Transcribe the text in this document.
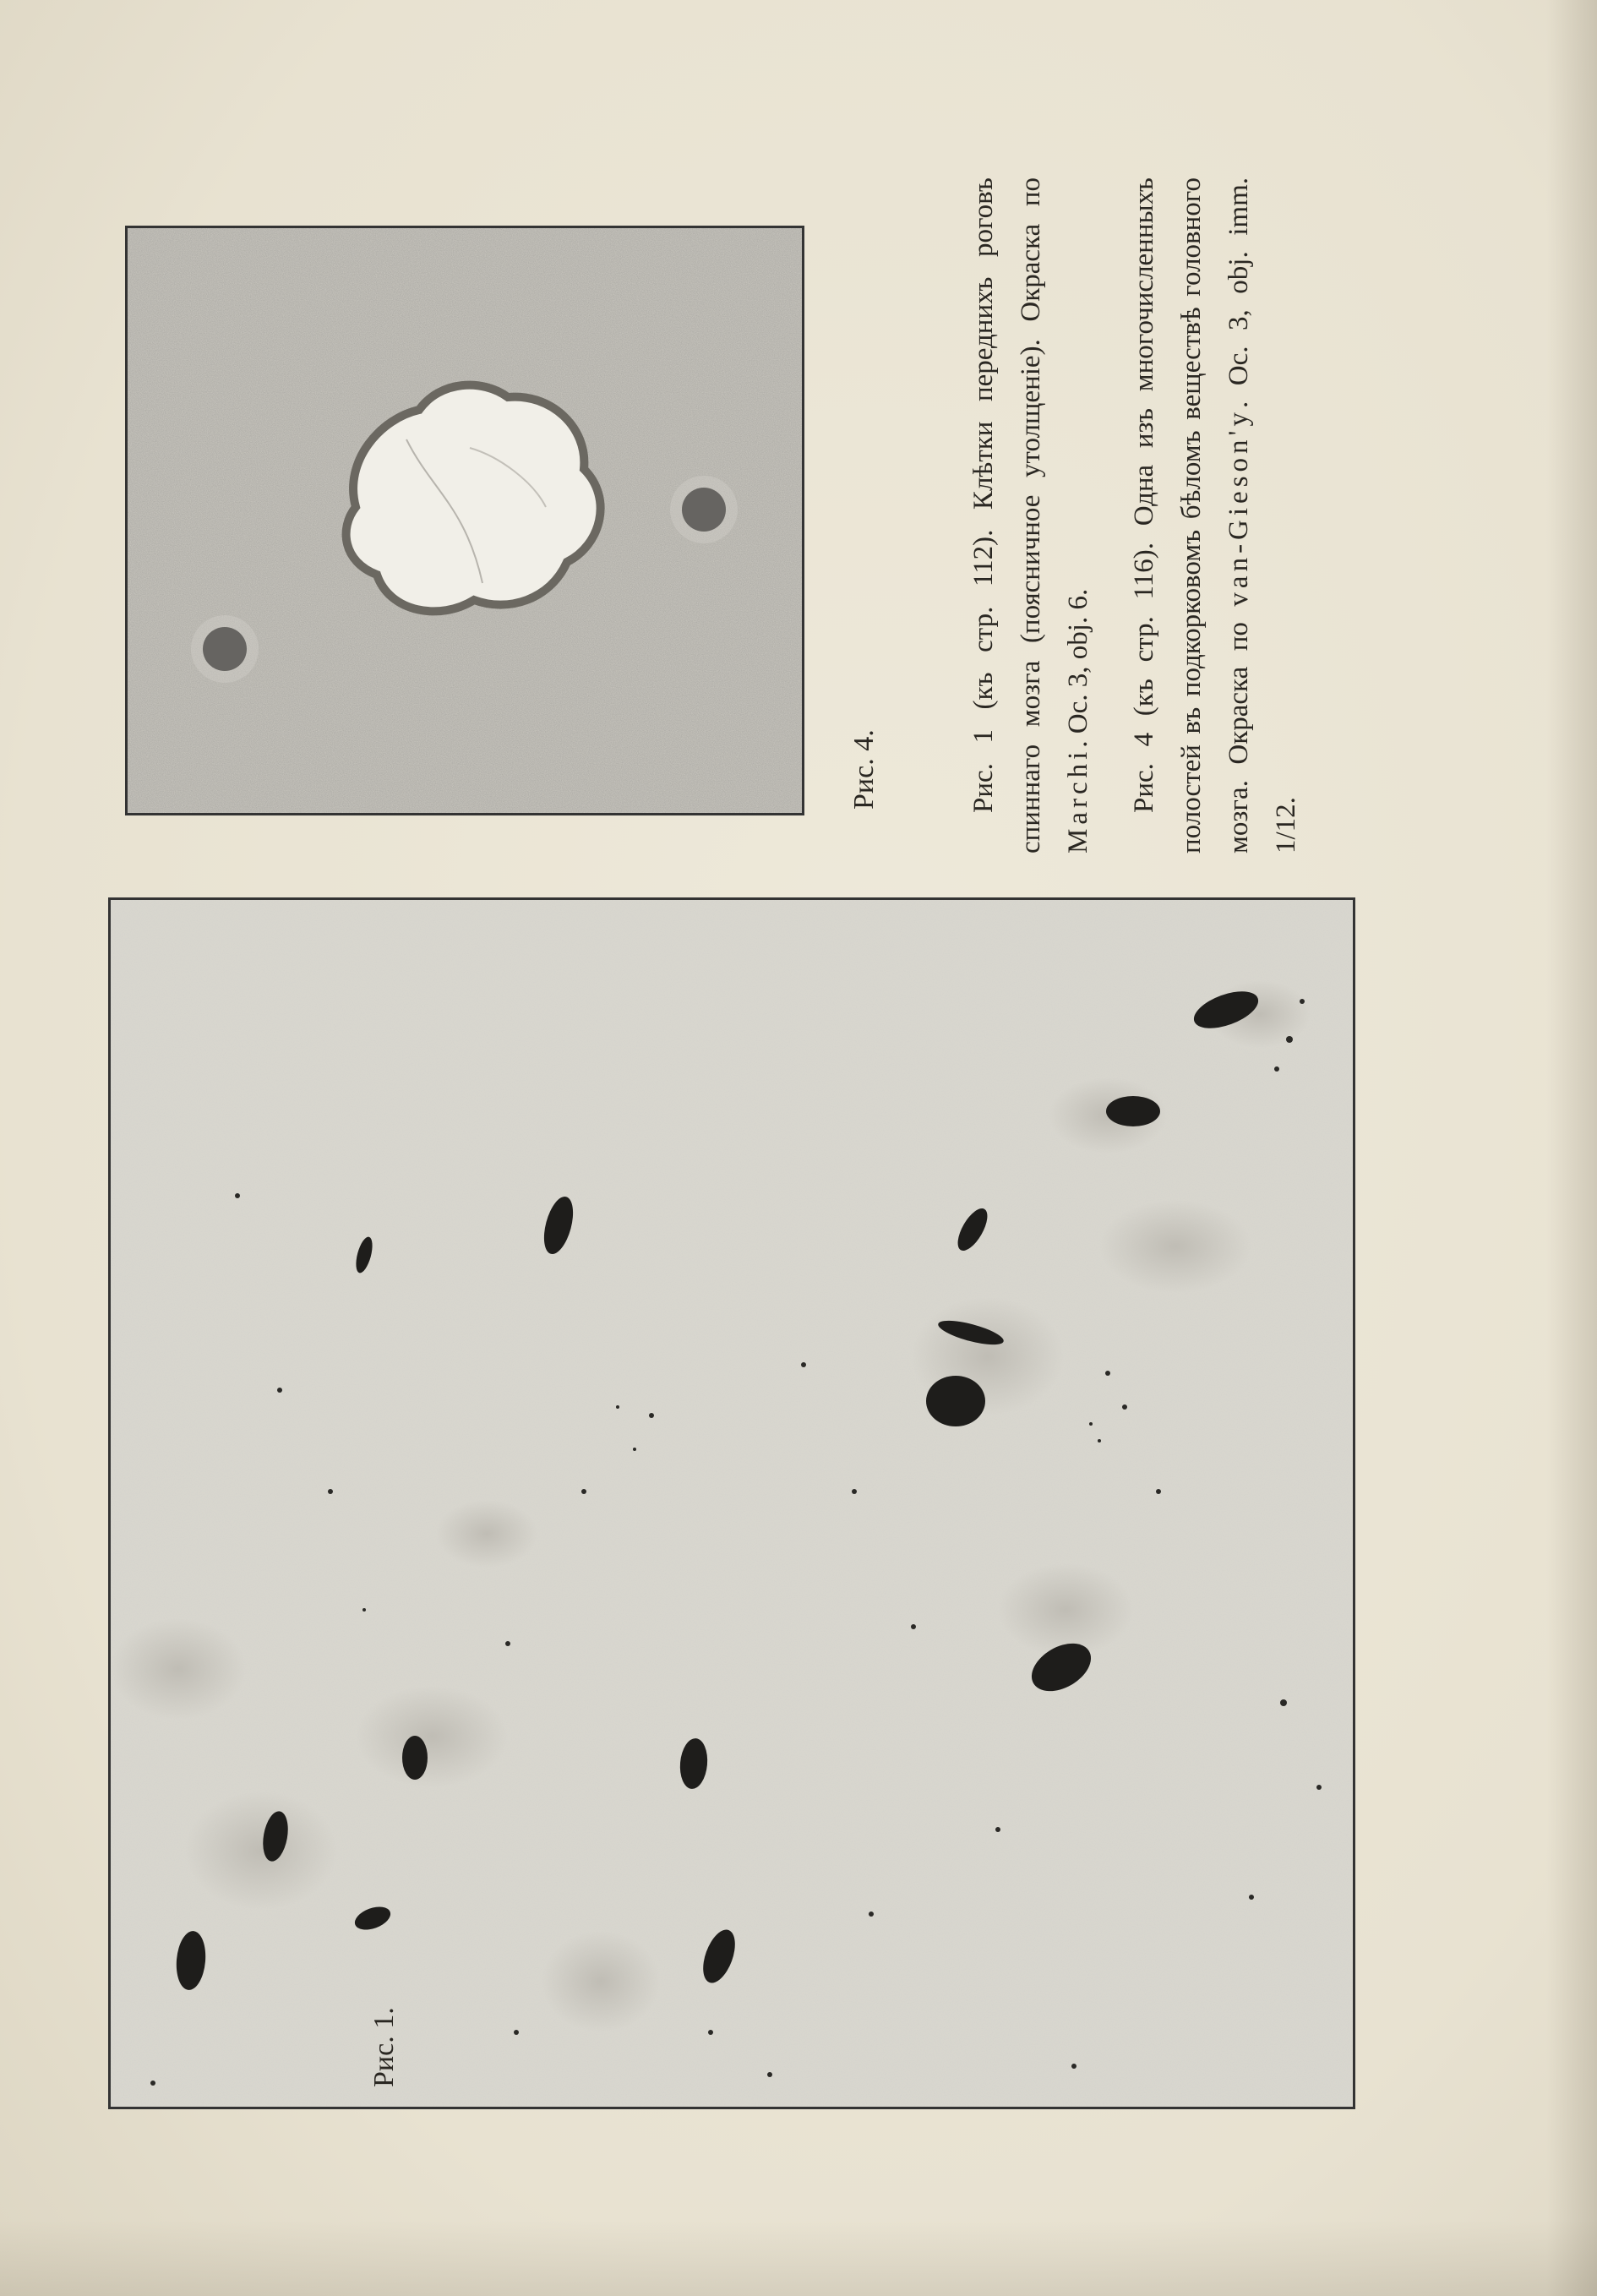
Рис. 1.
Рис. 4.	Рис. 1 (къ стр. 112). Клѣтки переднихъ роговъ спиннаго мозга (поясничное утолщеніе). Окраска по Marchi. Oc. 3, obj. 6.	Рис. 4 (къ стр. 116). Одна изъ многочисленныхъ полостей въ подкорковомъ бѣломъ веществѣ головного мозга. Окраска по van-Gieson'y. Oc. 3, obj. imm. 1/12.
